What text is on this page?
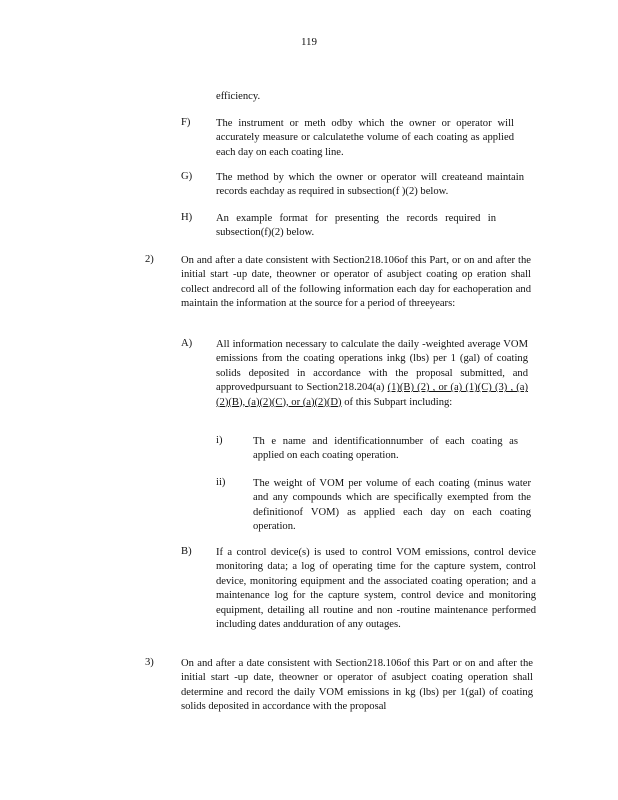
119
efficiency.
F) The instrument or meth odby which the owner or operator will accurately measure or calculatethe volume of each coating as applied each day on each coating line.
G) The method by which the owner or operator will createand maintain records eachday as required in subsection(f )(2) below.
H) An example format for presenting the records required in subsection(f)(2) below.
2)	On and after a date consistent with Section218.106of this Part, or on and after the initial start -up date, theowner or operator of asubject coating op eration shall collect andrecord all of the following information each day for eachoperation and maintain the information at the source for a period of threeyears:
A) All information necessary to calculate the daily -weighted average VOM emissions from the coating operations inkg (lbs) per 1 (gal) of coating solids deposited in accordance with the proposal submitted, and approvedpursuant to Section218.204(a) (1)(B) (2) , or (a) (1)(C) (3) , (a)(2)(B), (a)(2)(C), or (a)(2)(D) of this Subpart including:
i)	Th e name and identificationnumber of each coating as applied on each coating operation.
ii)	The weight of VOM per volume of each coating (minus water and any compounds which are specifically exempted from the definitionof VOM) as applied each day on each coating operation.
B) If a control device(s) is used to control VOM emissions, control device monitoring data; a log of operating time for the capture system, control device, monitoring equipment and the associated coating operation; and a maintenance log for the capture system, control device and monitoring equipment, detailing all routine and non -routine maintenance performed including dates andduration of any outages.
3)	On and after a date consistent with Section218.106of this Part or on and after the initial start -up date, theowner or operator of asubject coating operation shall determine and record the daily VOM emissions in kg (lbs) per 1(gal) of coating solids deposited in accordance with the proposal
